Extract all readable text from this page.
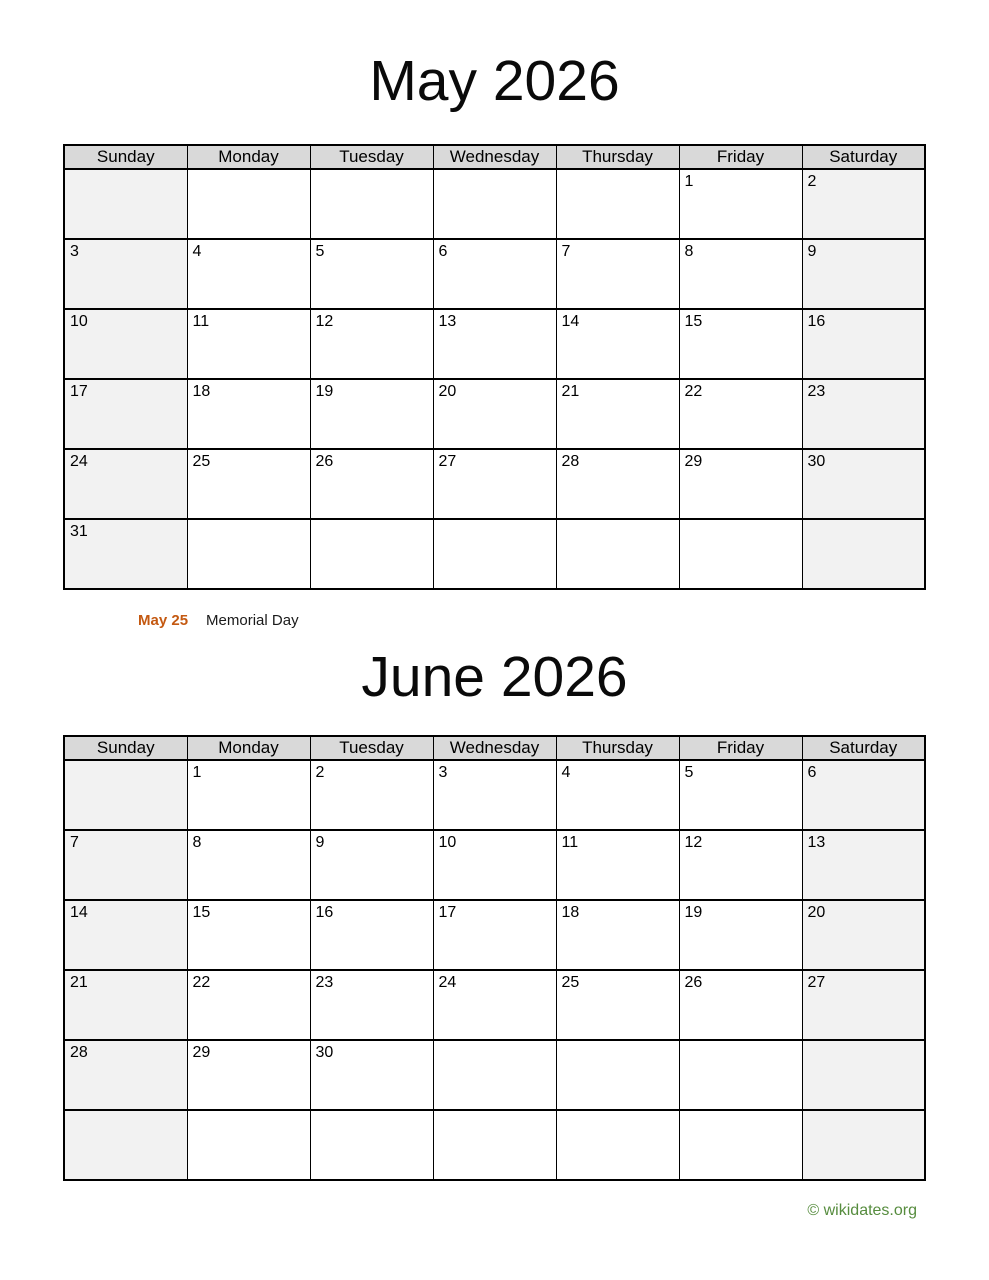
May 2026
Sunday	Monday	Tuesday	Wednesday	Thursday	Friday	Saturday
					1	2
3	4	5	6	7	8	9
10	11	12	13	14	15	16
17	18	19	20	21	22	23
24	25	26	27	28	29	30
31						
May 25 Memorial Day
June 2026
Sunday	Monday	Tuesday	Wednesday	Thursday	Friday	Saturday
	1	2	3	4	5	6
7	8	9	10	11	12	13
14	15	16	17	18	19	20
21	22	23	24	25	26	27
28	29	30				

© wikidates.org
